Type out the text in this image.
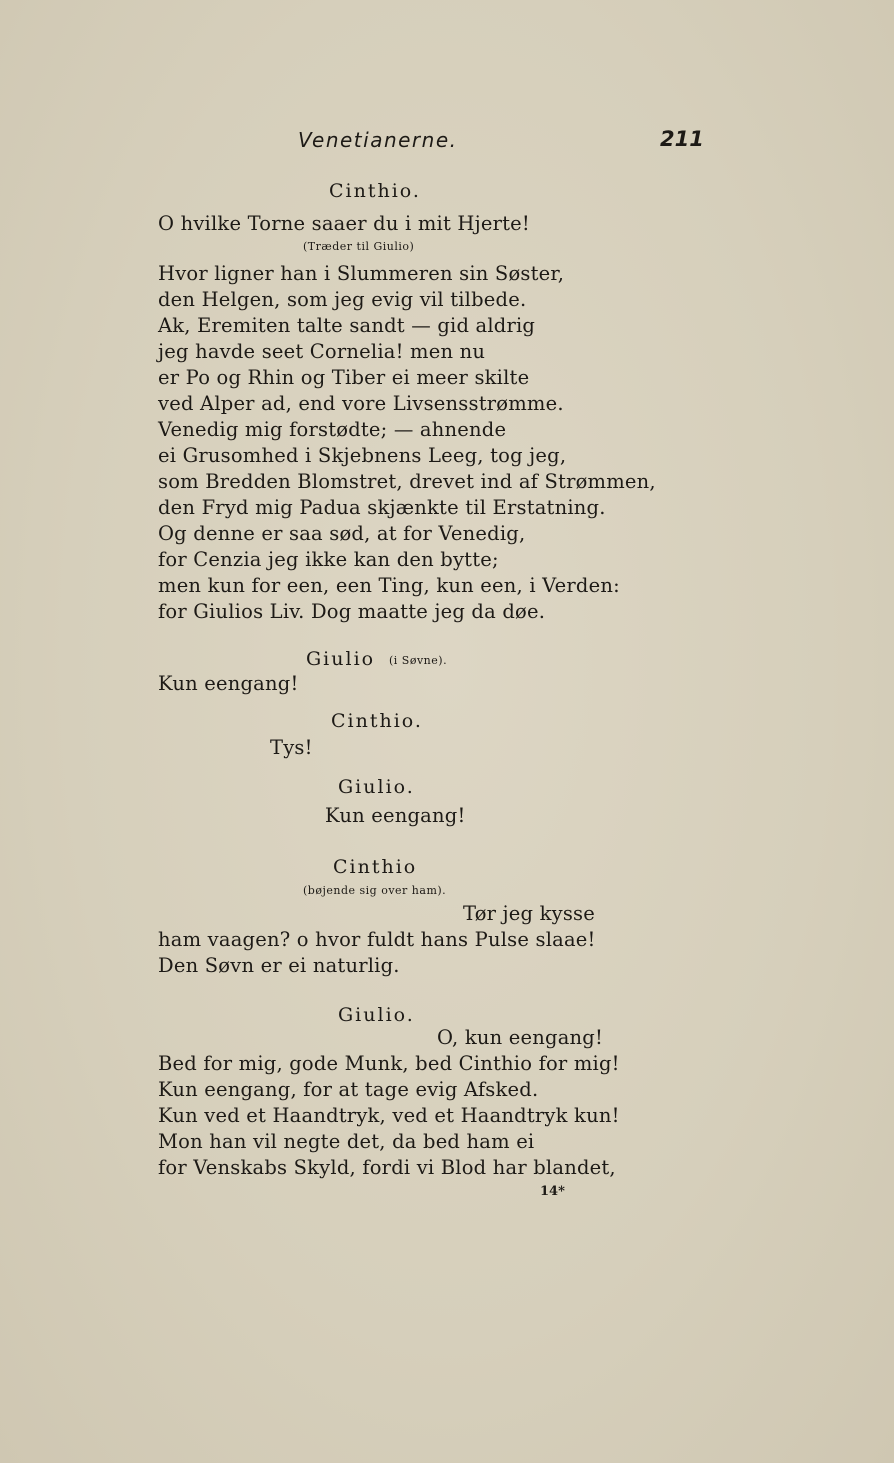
Venetianerne.	211
Cinthio.
O hvilke Torne saaer du i mit Hjerte!
(Træder til Giulio)
Hvor ligner han i Slummeren sin Søster,
den Helgen, som jeg evig vil tilbede.
Ak, Eremiten talte sandt — gid aldrig
jeg havde seet Cornelia! men nu
er Po og Rhin og Tiber ei meer skilte
ved Alper ad, end vore Livsensstrømme.
Venedig mig forstødte; — ahnende
ei Grusomhed i Skjebnens Leeg, tog jeg,
som Bredden Blomstret, drevet ind af Strømmen,
den Fryd mig Padua skjænkte til Erstatning.
Og denne er saa sød, at for Venedig,
for Cenzia jeg ikke kan den bytte;
men kun for een, een Ting, kun een, i Verden:
for Giulios Liv. Dog maatte jeg da døe.
Giulio (i Søvne).
Kun eengang!
Cinthio.
Tys!
Giulio.
Kun eengang!
Cinthio
(bøjende sig over ham).
Tør jeg kysse
ham vaagen? o hvor fuldt hans Pulse slaae!
Den Søvn er ei naturlig.
Giulio.
O, kun eengang!
Bed for mig, gode Munk, bed Cinthio for mig!
Kun eengang, for at tage evig Afsked.
Kun ved et Haandtryk, ved et Haandtryk kun!
Mon han vil negte det, da bed ham ei
for Venskabs Skyld, fordi vi Blod har blandet,
14*
